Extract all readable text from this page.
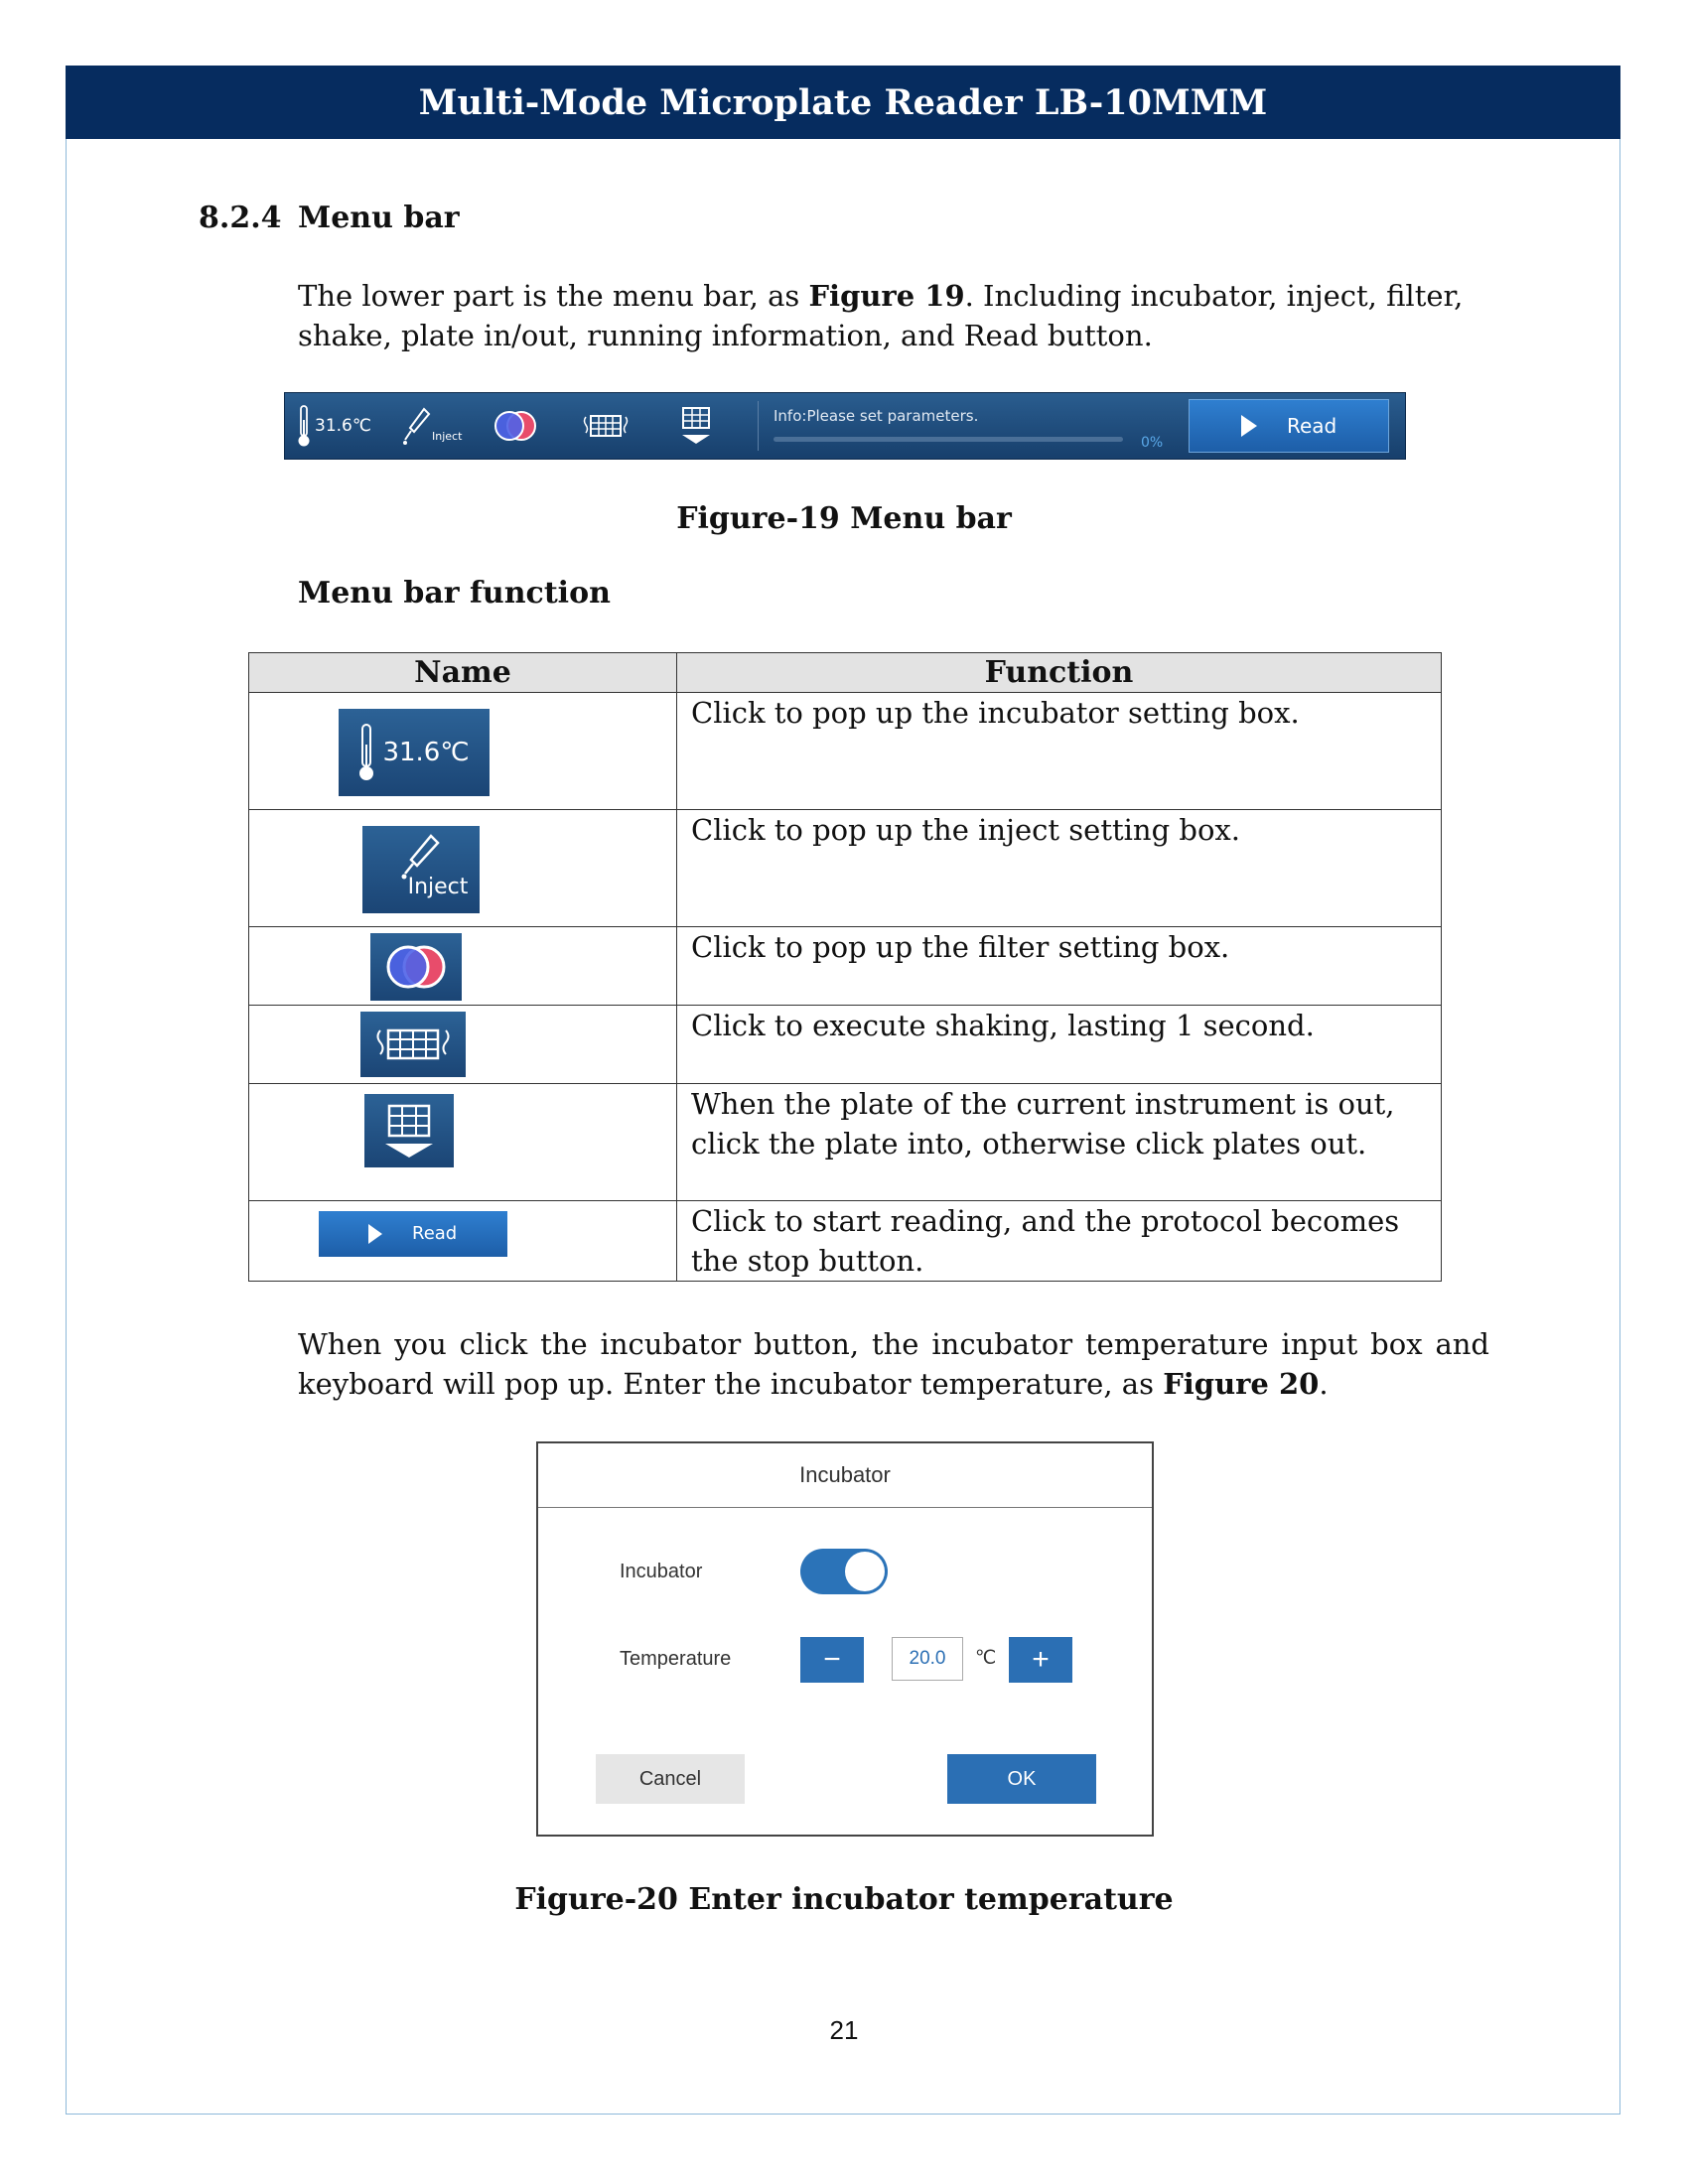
Multi-Mode Microplate Reader LB-10MMM
8.2.4 Menu bar
The lower part is the menu bar, as Figure 19. Including incubator, inject, filter, shake, plate in/out, running information, and Read button.
31.6℃	Inject
Info:Please set parameters.
0%
Read
Figure-19 Menu bar
Menu bar function
Name	Function

31.6℃	Click to pop up the incubator setting box.

Inject	Click to pop up the inject setting box.

	Click to pop up the filter setting box.

	Click to execute shaking, lasting 1 second.

	When the plate of the current instrument is out, click the plate into, otherwise click plates out.

Read	Click to start reading, and the protocol becomes the stop button.
When you click the incubator button, the incubator temperature input box and keyboard will pop up. Enter the incubator temperature, as Figure 20.
Incubator
Incubator
Temperature	−	20.0	℃	+
Cancel	OK
Figure-20 Enter incubator temperature
21
